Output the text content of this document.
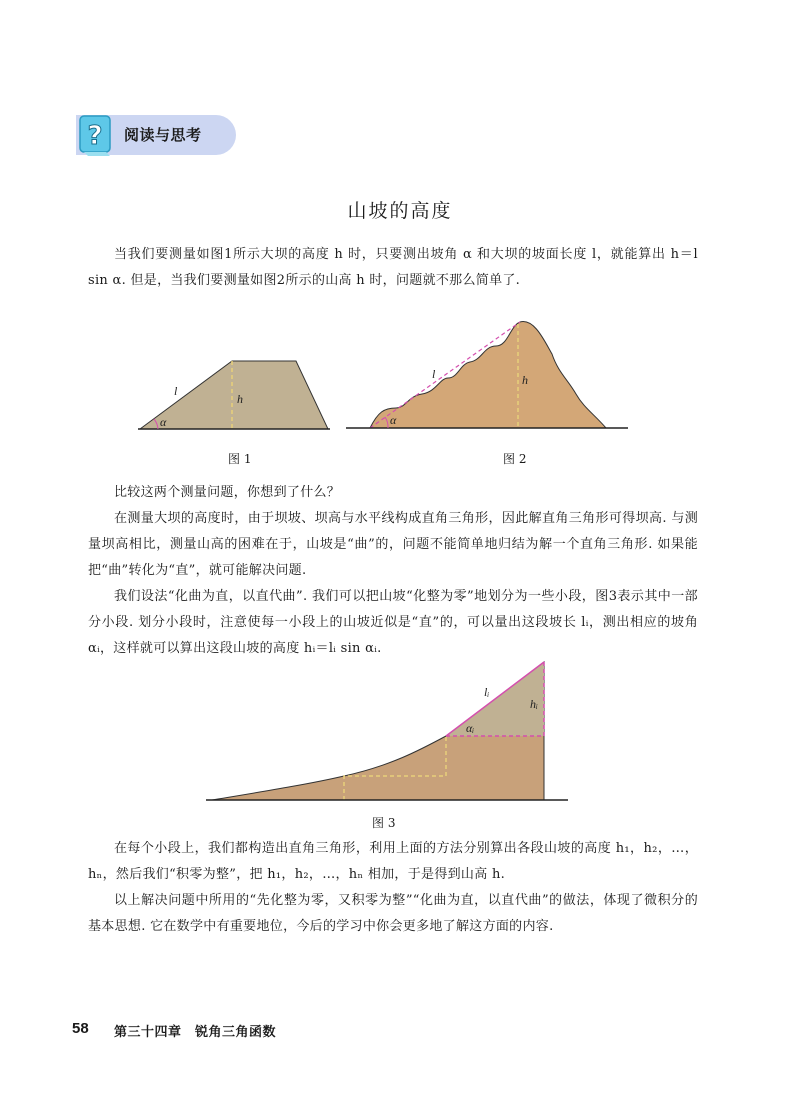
? 阅读与思考
山坡的高度
当我们要测量如图1所示大坝的高度 h 时，只要测出坡角 α 和大坝的坡面长度 l，就能算出 h＝l sin α. 但是，当我们要测量如图2所示的山高 h 时，问题就不那么简单了.
l
h
α
图 1
l	h
α
图 2
比较这两个测量问题，你想到了什么？
在测量大坝的高度时，由于坝坡、坝高与水平线构成直角三角形，因此解直角三角形可得坝高. 与测量坝高相比，测量山高的困难在于，山坡是“曲”的，问题不能简单地归结为解一个直角三角形. 如果能把“曲”转化为“直”，就可能解决问题.
我们设法“化曲为直，以直代曲”. 我们可以把山坡“化整为零”地划分为一些小段，图3表示其中一部分小段. 划分小段时，注意使每一小段上的山坡近似是“直”的，可以量出这段坡长 lᵢ，测出相应的坡角 αᵢ，这样就可以算出这段山坡的高度 hᵢ＝lᵢ sin αᵢ.
lᵢ
hᵢ
αᵢ
图 3
在每个小段上，我们都构造出直角三角形，利用上面的方法分别算出各段山坡的高度 h₁，h₂，…，hₙ，然后我们“积零为整”，把 h₁，h₂，…，hₙ 相加，于是得到山高 h.
以上解决问题中所用的“先化整为零，又积零为整”“化曲为直，以直代曲”的做法，体现了微积分的基本思想. 它在数学中有重要地位，今后的学习中你会更多地了解这方面的内容.
58 第三十四章　锐角三角函数
